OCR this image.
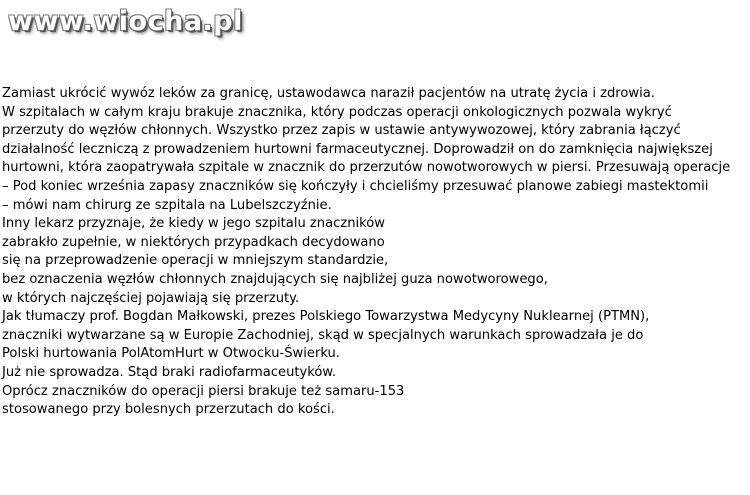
www.wiocha.pl
Zamiast ukrócić wywóz leków za granicę, ustawodawca naraził pacjentów na utratę życia i zdrowia.
W szpitalach w całym kraju brakuje znacznika, który podczas operacji onkologicznych pozwala wykryć
przerzuty do węzłów chłonnych. Wszystko przez zapis w ustawie antywywozowej, który zabrania łączyć
działalność leczniczą z prowadzeniem hurtowni farmaceutycznej. Doprowadził on do zamknięcia największej
hurtowni, która zaopatrywała szpitale w znacznik do przerzutów nowotworowych w piersi. Przesuwają operacje
– Pod koniec września zapasy znaczników się kończyły i chcieliśmy przesuwać planowe zabiegi mastektomii
– mówi nam chirurg ze szpitala na Lubelszczyźnie.
Inny lekarz przyznaje, że kiedy w jego szpitalu znaczników
zabrakło zupełnie, w niektórych przypadkach decydowano
się na przeprowadzenie operacji w mniejszym standardzie,
bez oznaczenia węzłów chłonnych znajdujących się najbliżej guza nowotworowego,
w których najczęściej pojawiają się przerzuty.
Jak tłumaczy prof. Bogdan Małkowski, prezes Polskiego Towarzystwa Medycyny Nuklearnej (PTMN),
znaczniki wytwarzane są w Europie Zachodniej, skąd w specjalnych warunkach sprowadzała je do
Polski hurtowania PolAtomHurt w Otwocku-Świerku.
Już nie sprowadza. Stąd braki radiofarmaceutyków.
Oprócz znaczników do operacji piersi brakuje też samaru-153
stosowanego przy bolesnych przerzutach do kości.
